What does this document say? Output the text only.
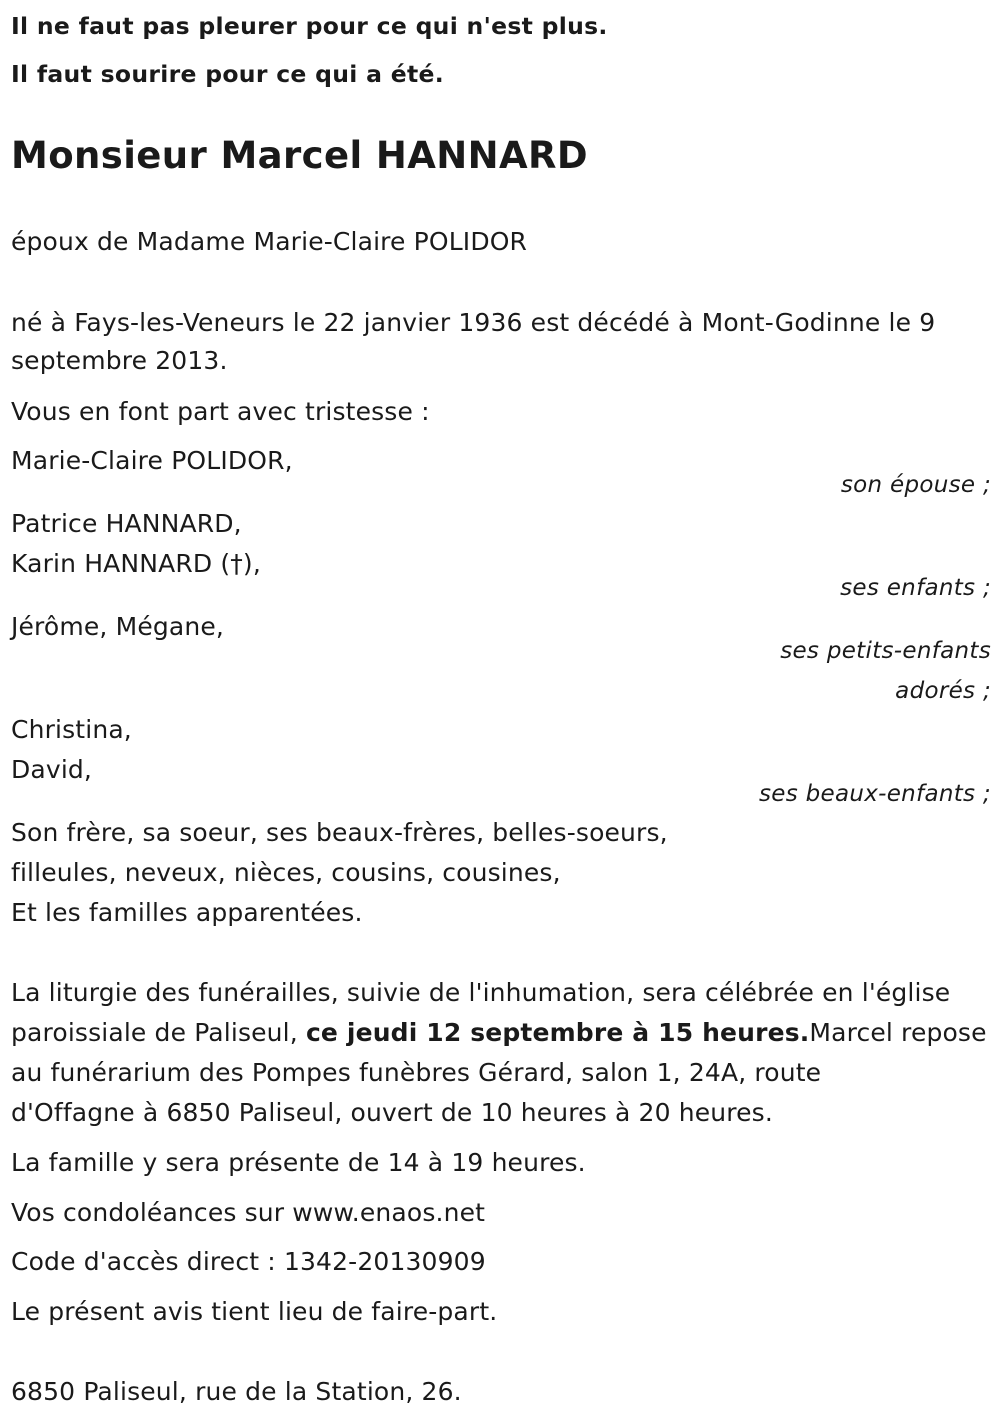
Il ne faut pas pleurer pour ce qui n'est plus.
Il faut sourire pour ce qui a été.
Monsieur Marcel HANNARD
époux de Madame Marie-Claire POLIDOR
né à Fays-les-Veneurs le 22 janvier 1936 est décédé à Mont-Godinne le 9
septembre 2013.
Vous en font part avec tristesse :
Marie-Claire POLIDOR,
son épouse ;
Patrice HANNARD,
Karin HANNARD (†),
ses enfants ;
Jérôme, Mégane,
ses petits-enfants
adorés ;
Christina,
David,
ses beaux-enfants ;
Son frère, sa soeur, ses beaux-frères, belles-soeurs,
filleules, neveux, nièces, cousins, cousines,
Et les familles apparentées.
La liturgie des funérailles, suivie de l'inhumation, sera célébrée en l'église
paroissiale de Paliseul, ce jeudi 12 septembre à 15 heures.Marcel repose
au funérarium des Pompes funèbres Gérard, salon 1, 24A, route
d'Offagne à 6850 Paliseul, ouvert de 10 heures à 20 heures.
La famille y sera présente de 14 à 19 heures.
Vos condoléances sur www.enaos.net
Code d'accès direct : 1342-20130909
Le présent avis tient lieu de faire-part.
6850 Paliseul, rue de la Station, 26.
